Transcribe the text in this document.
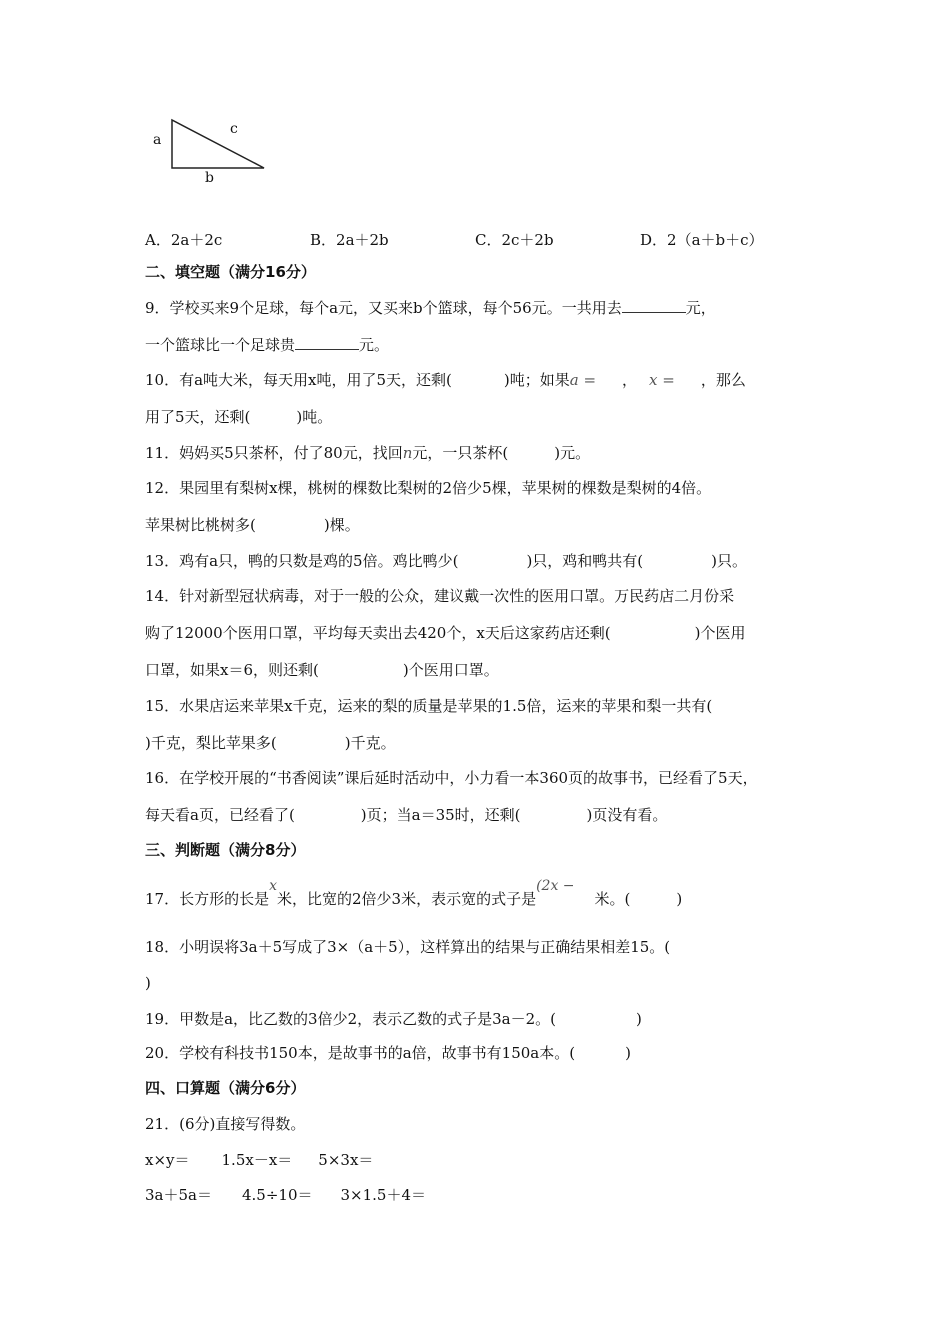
a
c
b
A．2a＋2c	B．2a＋2b	C．2c＋2b	D．2（a＋b＋c）
二、填空题（满分16分）
9．学校买来9个足球，每个a元，又买来b个篮球，每个56元。一共用去	元，
一个篮球比一个足球贵	元。
10．有a吨大米，每天用x吨，用了5天，还剩(	)吨；如果a = ， x = ，那么
用了5天，还剩(	)吨。
11．妈妈买5只茶杯，付了80元，找回n元，一只茶杯(	)元。
12．果园里有梨树x棵，桃树的棵数比梨树的2倍少5棵，苹果树的棵数是梨树的4倍。
苹果树比桃树多(	)棵。
13．鸡有a只，鸭的只数是鸡的5倍。鸡比鸭少(	)只，鸡和鸭共有(	)只。
14．针对新型冠状病毒，对于一般的公众，建议戴一次性的医用口罩。万民药店二月份采
购了12000个医用口罩，平均每天卖出去420个，x天后这家药店还剩(	)个医用
口罩，如果x＝6，则还剩(	)个医用口罩。
15．水果店运来苹果x千克，运来的梨的质量是苹果的1.5倍，运来的苹果和梨一共有(
)千克，梨比苹果多(	)千克。
16．在学校开展的“书香阅读”课后延时活动中，小力看一本360页的故事书，已经看了5天，
每天看a页，已经看了(	)页；当a＝35时，还剩(	)页没有看。
三、判断题（满分8分）
17．长方形的长是x米，比宽的2倍少3米，表示宽的式子是(2x −米。(	)
18．小明误将3a＋5写成了3×（a＋5），这样算出的结果与正确结果相差15。(
)
19．甲数是a，比乙数的3倍少2，表示乙数的式子是3a－2。(	)
20．学校有科技书150本，是故事书的a倍，故事书有150a本。(	)
四、口算题（满分6分）
21．(6分)直接写得数。
x×y＝ 1.5x－x＝ 5×3x＝
3a＋5a＝ 4.5÷10＝ 3×1.5＋4＝
